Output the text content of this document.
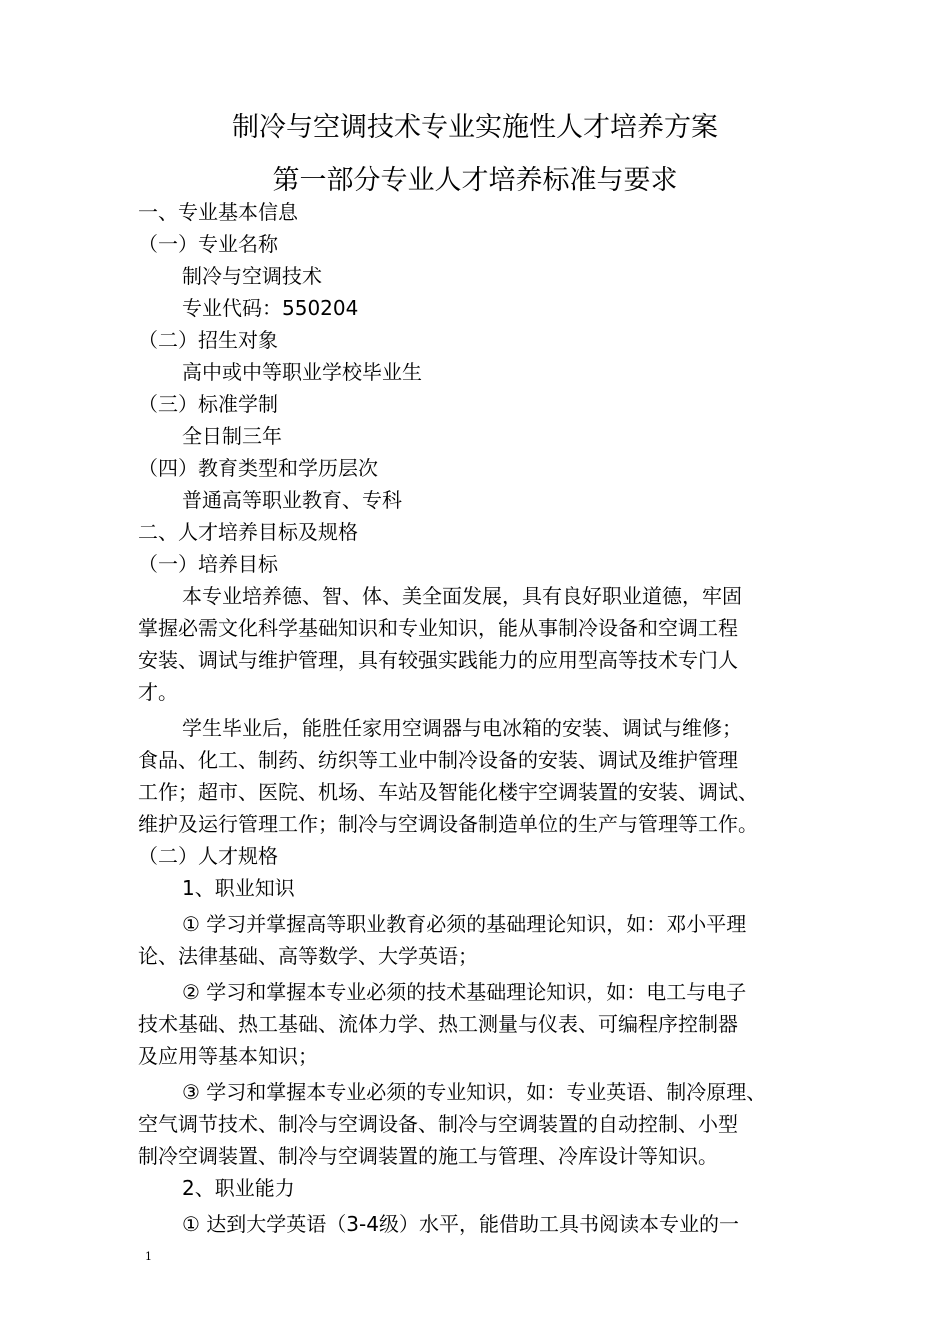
制冷与空调技术专业实施性人才培养方案
第一部分专业人才培养标准与要求

一、专业基本信息

（一）专业名称

制冷与空调技术

专业代码：550204

（二）招生对象

高中或中等职业学校毕业生

（三）标准学制

全日制三年

（四）教育类型和学历层次

普通高等职业教育、专科

二、人才培养目标及规格

（一）培养目标

本专业培养德、智、体、美全面发展，具有良好职业道德，牢固

掌握必需文化科学基础知识和专业知识，能从事制冷设备和空调工程

安装、调试与维护管理，具有较强实践能力的应用型高等技术专门人

才。

学生毕业后，能胜任家用空调器与电冰箱的安装、调试与维修；

食品、化工、制药、纺织等工业中制冷设备的安装、调试及维护管理

工作；超市、医院、机场、车站及智能化楼宇空调装置的安装、调试、

维护及运行管理工作；制冷与空调设备制造单位的生产与管理等工作。

（二）人才规格

1、职业知识

① 学习并掌握高等职业教育必须的基础理论知识，如：邓小平理

论、法律基础、高等数学、大学英语；

② 学习和掌握本专业必须的技术基础理论知识，如：电工与电子

技术基础、热工基础、流体力学、热工测量与仪表、可编程序控制器

及应用等基本知识；

③ 学习和掌握本专业必须的专业知识，如：专业英语、制冷原理、

空气调节技术、制冷与空调设备、制冷与空调装置的自动控制、小型

制冷空调装置、制冷与空调装置的施工与管理、冷库设计等知识。

2、职业能力

① 达到大学英语（3-4级）水平，能借助工具书阅读本专业的一

1
